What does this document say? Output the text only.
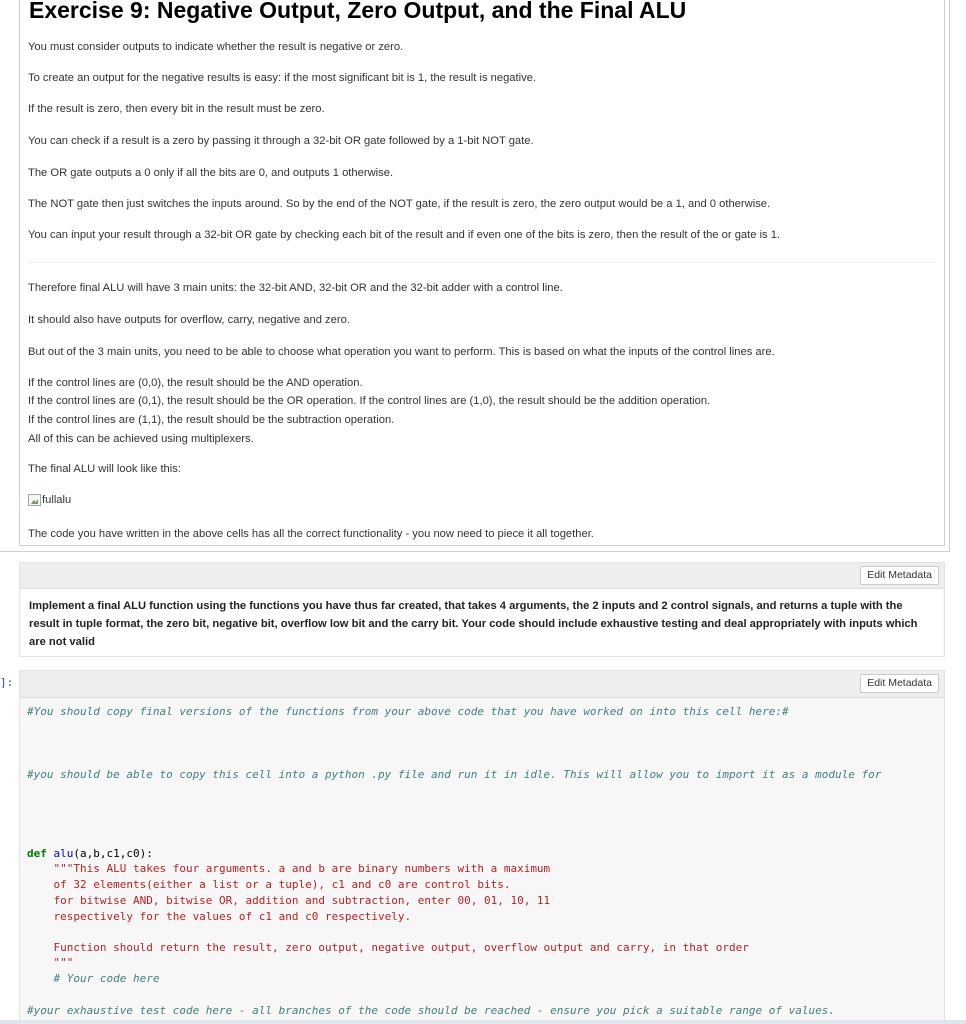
Exercise 9: Negative Output, Zero Output, and the Final ALU

You must consider outputs to indicate whether the result is negative or zero.

To create an output for the negative results is easy: if the most significant bit is 1, the result is negative.

If the result is zero, then every bit in the result must be zero.

You can check if a result is a zero by passing it through a 32-bit OR gate followed by a 1-bit NOT gate.

The OR gate outputs a 0 only if all the bits are 0, and outputs 1 otherwise.

The NOT gate then just switches the inputs around. So by the end of the NOT gate, if the result is zero, the zero output would be a 1, and 0 otherwise.

You can input your result through a 32-bit OR gate by checking each bit of the result and if even one of the bits is zero, then the result of the or gate is 1.

Therefore final ALU will have 3 main units: the 32-bit AND, 32-bit OR and the 32-bit adder with a control line.

It should also have outputs for overflow, carry, negative and zero.

But out of the 3 main units, you need to be able to choose what operation you want to perform. This is based on what the inputs of the control lines are.

If the control lines are (0,0), the result should be the AND operation.

If the control lines are (0,1), the result should be the OR operation. If the control lines are (1,0), the result should be the addition operation.

If the control lines are (1,1), the result should be the subtraction operation.

All of this can be achieved using multiplexers.

The final ALU will look like this:

fullalu

The code you have written in the above cells has all the correct functionality - you now need to piece it all together.

Edit Metadata

Implement a final ALU function using the functions you have thus far created, that takes 4 arguments, the 2 inputs and 2 control signals, and returns a tuple with the result in tuple format, the zero bit, negative bit, overflow low bit and the carry bit. Your code should include exhaustive testing and deal appropriately with inputs which are not valid

]:	Edit Metadata
#You should copy final versions of the functions from your above code that you have worked on into this cell here:#
#you should be able to copy this cell into a python .py file and run it in idle. This will allow you to import it as a module for
def alu(a,b,c1,c0):
"""This ALU takes four arguments. a and b are binary numbers with a maximum
of 32 elements(either a list or a tuple), c1 and c0 are control bits.
for bitwise AND, bitwise OR, addition and subtraction, enter 00, 01, 10, 11
respectively for the values of c1 and c0 respectively.
Function should return the result, zero output, negative output, overflow output and carry, in that order
"""
# Your code here
#your exhaustive test code here - all branches of the code should be reached - ensure you pick a suitable range of values.
